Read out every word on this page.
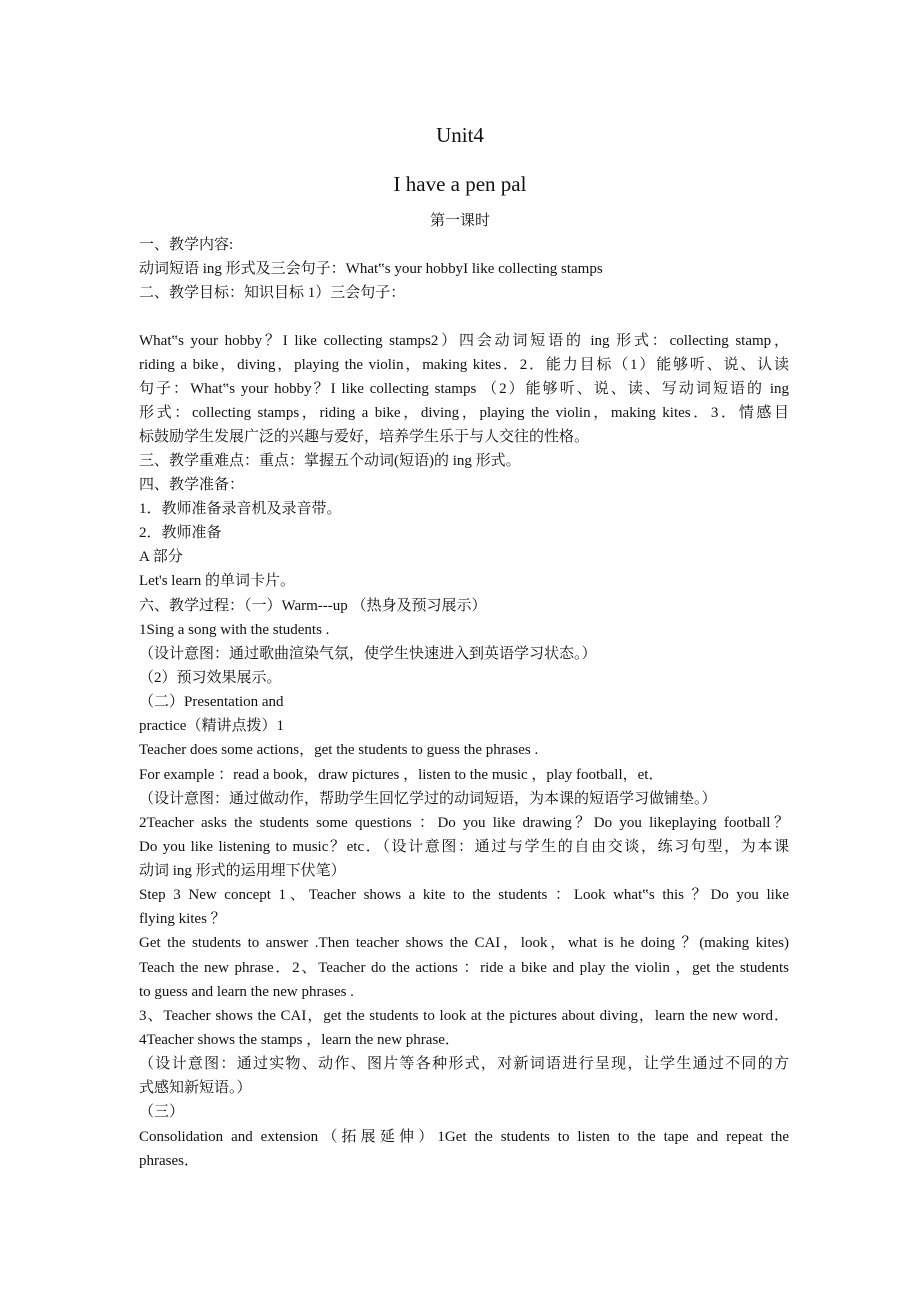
Unit4
I have a pen pal
第一课时
一、教学内容:
动词短语 ing 形式及三会句子：What‟s your hobbyI like collecting stamps
二、教学目标：知识目标 1）三会句子：
What‟s your hobby？I like collecting stamps2）四会动词短语的 ing 形式：collecting stamp，
riding a bike，diving，playing the violin，making kites．2．能力目标（1）能够听、说、认读
句子：What‟s your hobby？I like collecting stamps （2）能够听、说、读、写动词短语的 ing
形式：collecting stamps，riding a bike，diving，playing the violin，making kites．3．情感目
标鼓励学生发展广泛的兴趣与爱好，培养学生乐于与人交往的性格。
三、教学重难点：重点：掌握五个动词(短语)的 ing 形式。
四、教学准备：
1．教师准备录音机及录音带。
2．教师准备
A 部分
Let's learn 的单词卡片。
六、教学过程：（一）Warm---up （热身及预习展示）
1Sing a song with the students .
（设计意图：通过歌曲渲染气氛，使学生快速进入到英语学习状态。）
（2）预习效果展示。
（二）Presentation and
practice（精讲点拨）1
Teacher does some actions，get the students to guess the phrases .
For example ：read a book，draw pictures ，listen to the music ，play football，et．
（设计意图：通过做动作，帮助学生回忆学过的动词短语，为本课的短语学习做铺垫。）
2Teacher asks the students some questions ：Do you like drawing？Do you likeplaying football？
Do you like listening to music？etc．（设计意图：通过与学生的自由交谈，练习句型，为本课
动词 ing 形式的运用埋下伏笔）
Step 3 New concept 1、Teacher shows a kite to the students ：Look what‟s this ？Do you like
flying kites ？
Get the students to answer .Then teacher shows the CAI，look，what is he doing ？(making kites)
Teach the new phrase．2、Teacher do the actions ：ride a bike and play the violin ，get the students
to guess and learn the new phrases .
3、Teacher shows the CAI，get the students to look at the pictures about diving，learn the new word．
4Teacher shows the stamps ，learn the new phrase．
（设计意图：通过实物、动作、图片等各种形式，对新词语进行呈现，让学生通过不同的方
式感知新短语。）
（三）
Consolidation and extension（拓展延伸）1Get the students to listen to the tape and repeat the
phrases．
